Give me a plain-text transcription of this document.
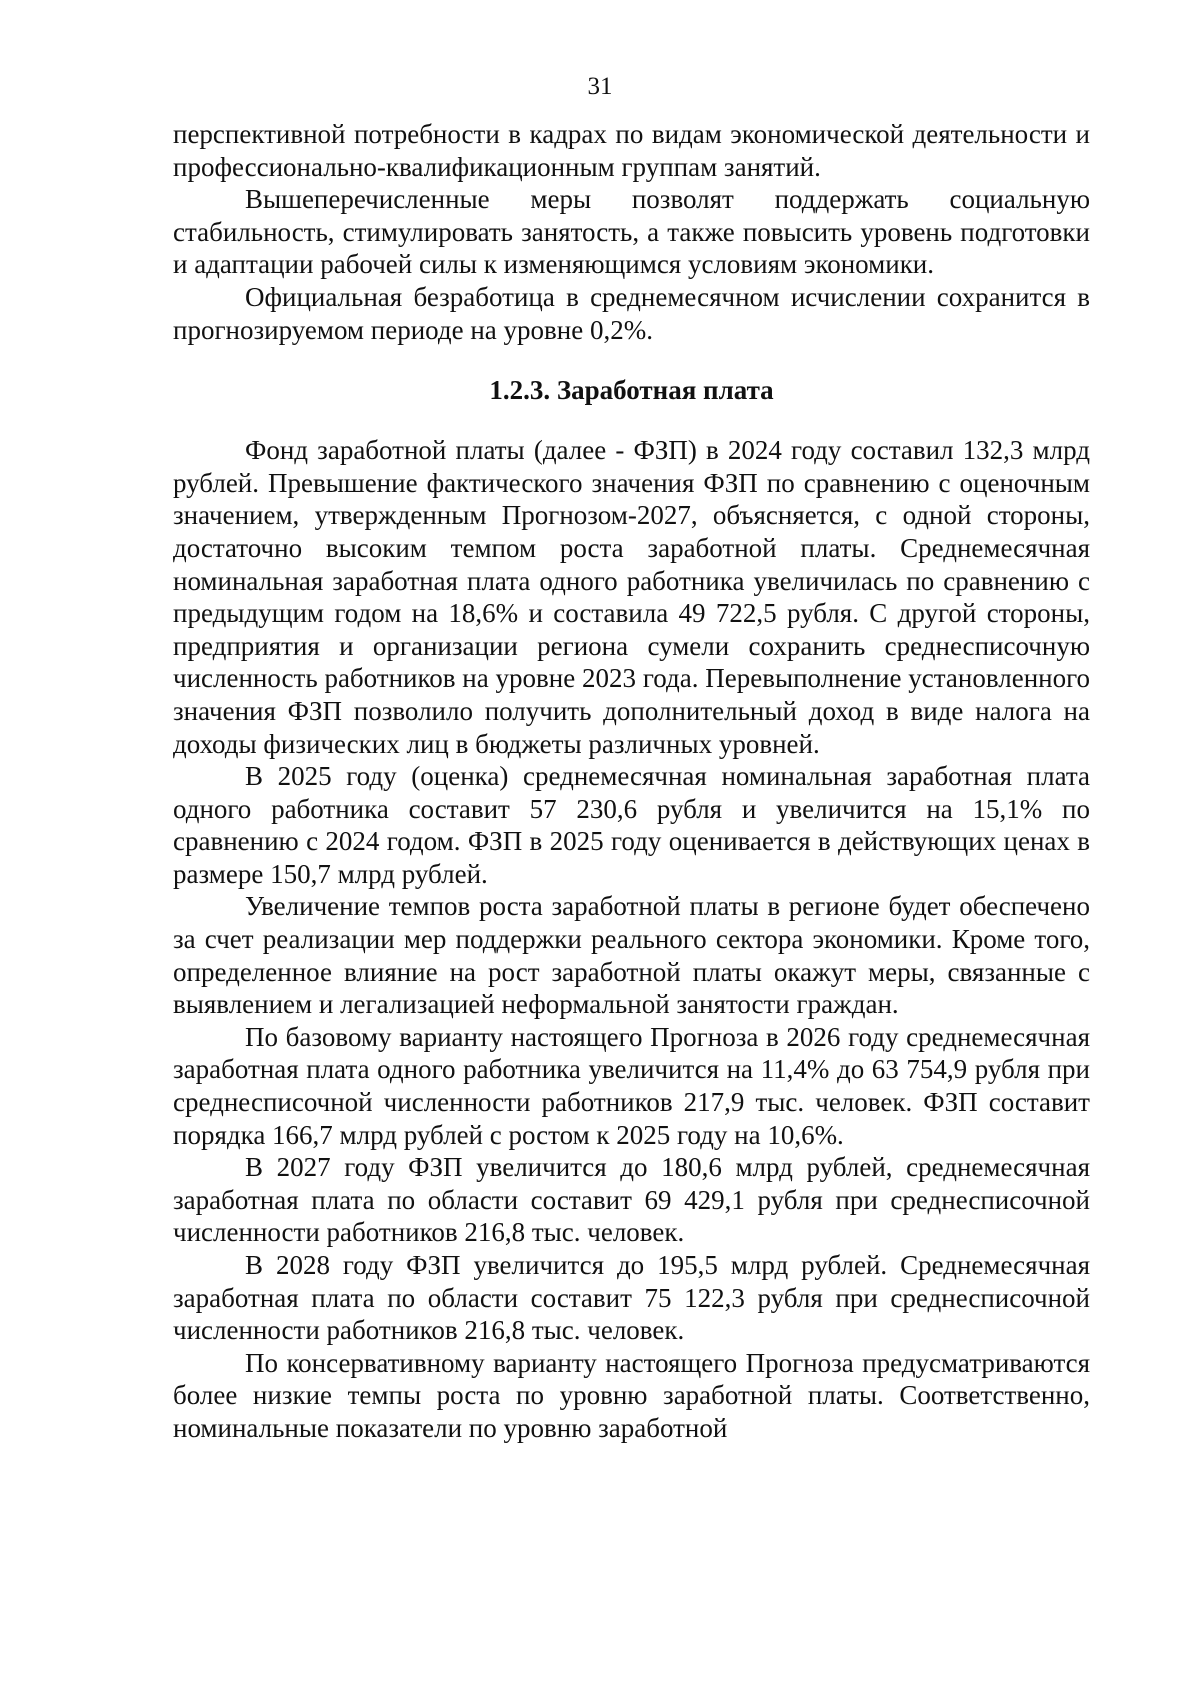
31

перспективной потребности в кадрах по видам экономической деятельности и профессионально-квалификационным группам занятий.

Вышеперечисленные меры позволят поддержать социальную стабильность, стимулировать занятость, а также повысить уровень подготовки и адаптации рабочей силы к изменяющимся условиям экономики.

Официальная безработица в среднемесячном исчислении сохранится в прогнозируемом периоде на уровне 0,2%.

1.2.3. Заработная плата

Фонд заработной платы (далее - ФЗП) в 2024 году составил 132,3 млрд рублей. Превышение фактического значения ФЗП по сравнению с оценочным значением, утвержденным Прогнозом-2027, объясняется, с одной стороны, достаточно высоким темпом роста заработной платы. Среднемесячная номинальная заработная плата одного работника увеличилась по сравнению с предыдущим годом на 18,6% и составила 49 722,5 рубля. С другой стороны, предприятия и организации региона сумели сохранить среднесписочную численность работников на уровне 2023 года. Перевыполнение установленного значения ФЗП позволило получить дополнительный доход в виде налога на доходы физических лиц в бюджеты различных уровней.

В 2025 году (оценка) среднемесячная номинальная заработная плата одного работника составит 57 230,6 рубля и увеличится на 15,1% по сравнению с 2024 годом. ФЗП в 2025 году оценивается в действующих ценах в размере 150,7 млрд рублей.

Увеличение темпов роста заработной платы в регионе будет обеспечено за счет реализации мер поддержки реального сектора экономики. Кроме того, определенное влияние на рост заработной платы окажут меры, связанные с выявлением и легализацией неформальной занятости граждан.

По базовому варианту настоящего Прогноза в 2026 году среднемесячная заработная плата одного работника увеличится на 11,4% до 63 754,9 рубля при среднесписочной численности работников 217,9 тыс. человек. ФЗП составит порядка 166,7 млрд рублей с ростом к 2025 году на 10,6%.

В 2027 году ФЗП увеличится до 180,6 млрд рублей, среднемесячная заработная плата по области составит 69 429,1 рубля при среднесписочной численности работников 216,8 тыс. человек.

В 2028 году ФЗП увеличится до 195,5 млрд рублей. Среднемесячная заработная плата по области составит 75 122,3 рубля при среднесписочной численности работников 216,8 тыс. человек.

По консервативному варианту настоящего Прогноза предусматриваются более низкие темпы роста по уровню заработной платы. Соответственно, номинальные показатели по уровню заработной
